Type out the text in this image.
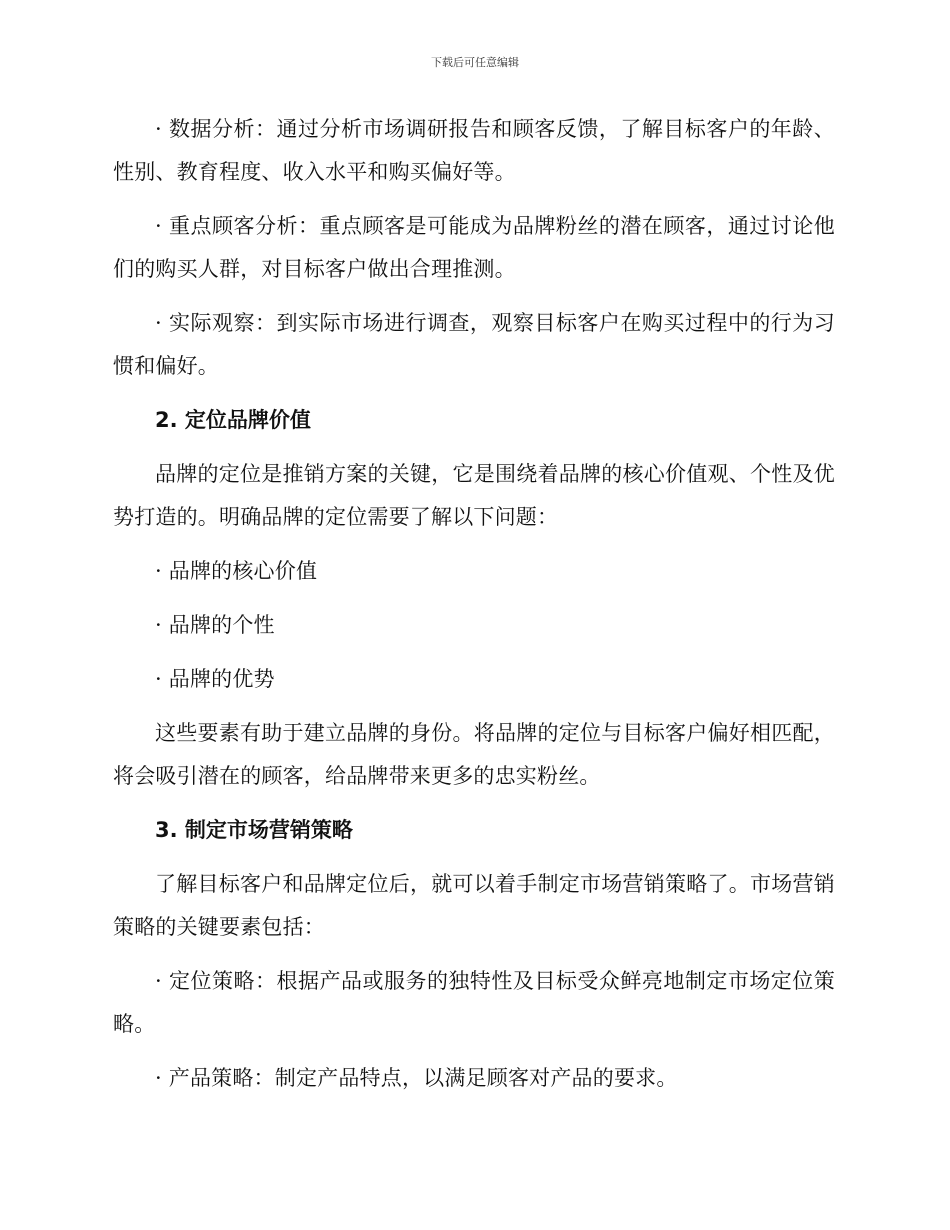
下载后可任意编辑

· 数据分析：通过分析市场调研报告和顾客反馈，了解目标客户的年龄、性别、教育程度、收入水平和购买偏好等。

· 重点顾客分析：重点顾客是可能成为品牌粉丝的潜在顾客，通过讨论他们的购买人群，对目标客户做出合理推测。

· 实际观察：到实际市场进行调查，观察目标客户在购买过程中的行为习惯和偏好。

2. 定位品牌价值

品牌的定位是推销方案的关键，它是围绕着品牌的核心价值观、个性及优势打造的。明确品牌的定位需要了解以下问题：

· 品牌的核心价值

· 品牌的个性

· 品牌的优势

这些要素有助于建立品牌的身份。将品牌的定位与目标客户偏好相匹配，将会吸引潜在的顾客，给品牌带来更多的忠实粉丝。

3. 制定市场营销策略

了解目标客户和品牌定位后，就可以着手制定市场营销策略了。市场营销策略的关键要素包括：

· 定位策略：根据产品或服务的独特性及目标受众鲜亮地制定市场定位策略。

· 产品策略：制定产品特点，以满足顾客对产品的要求。
